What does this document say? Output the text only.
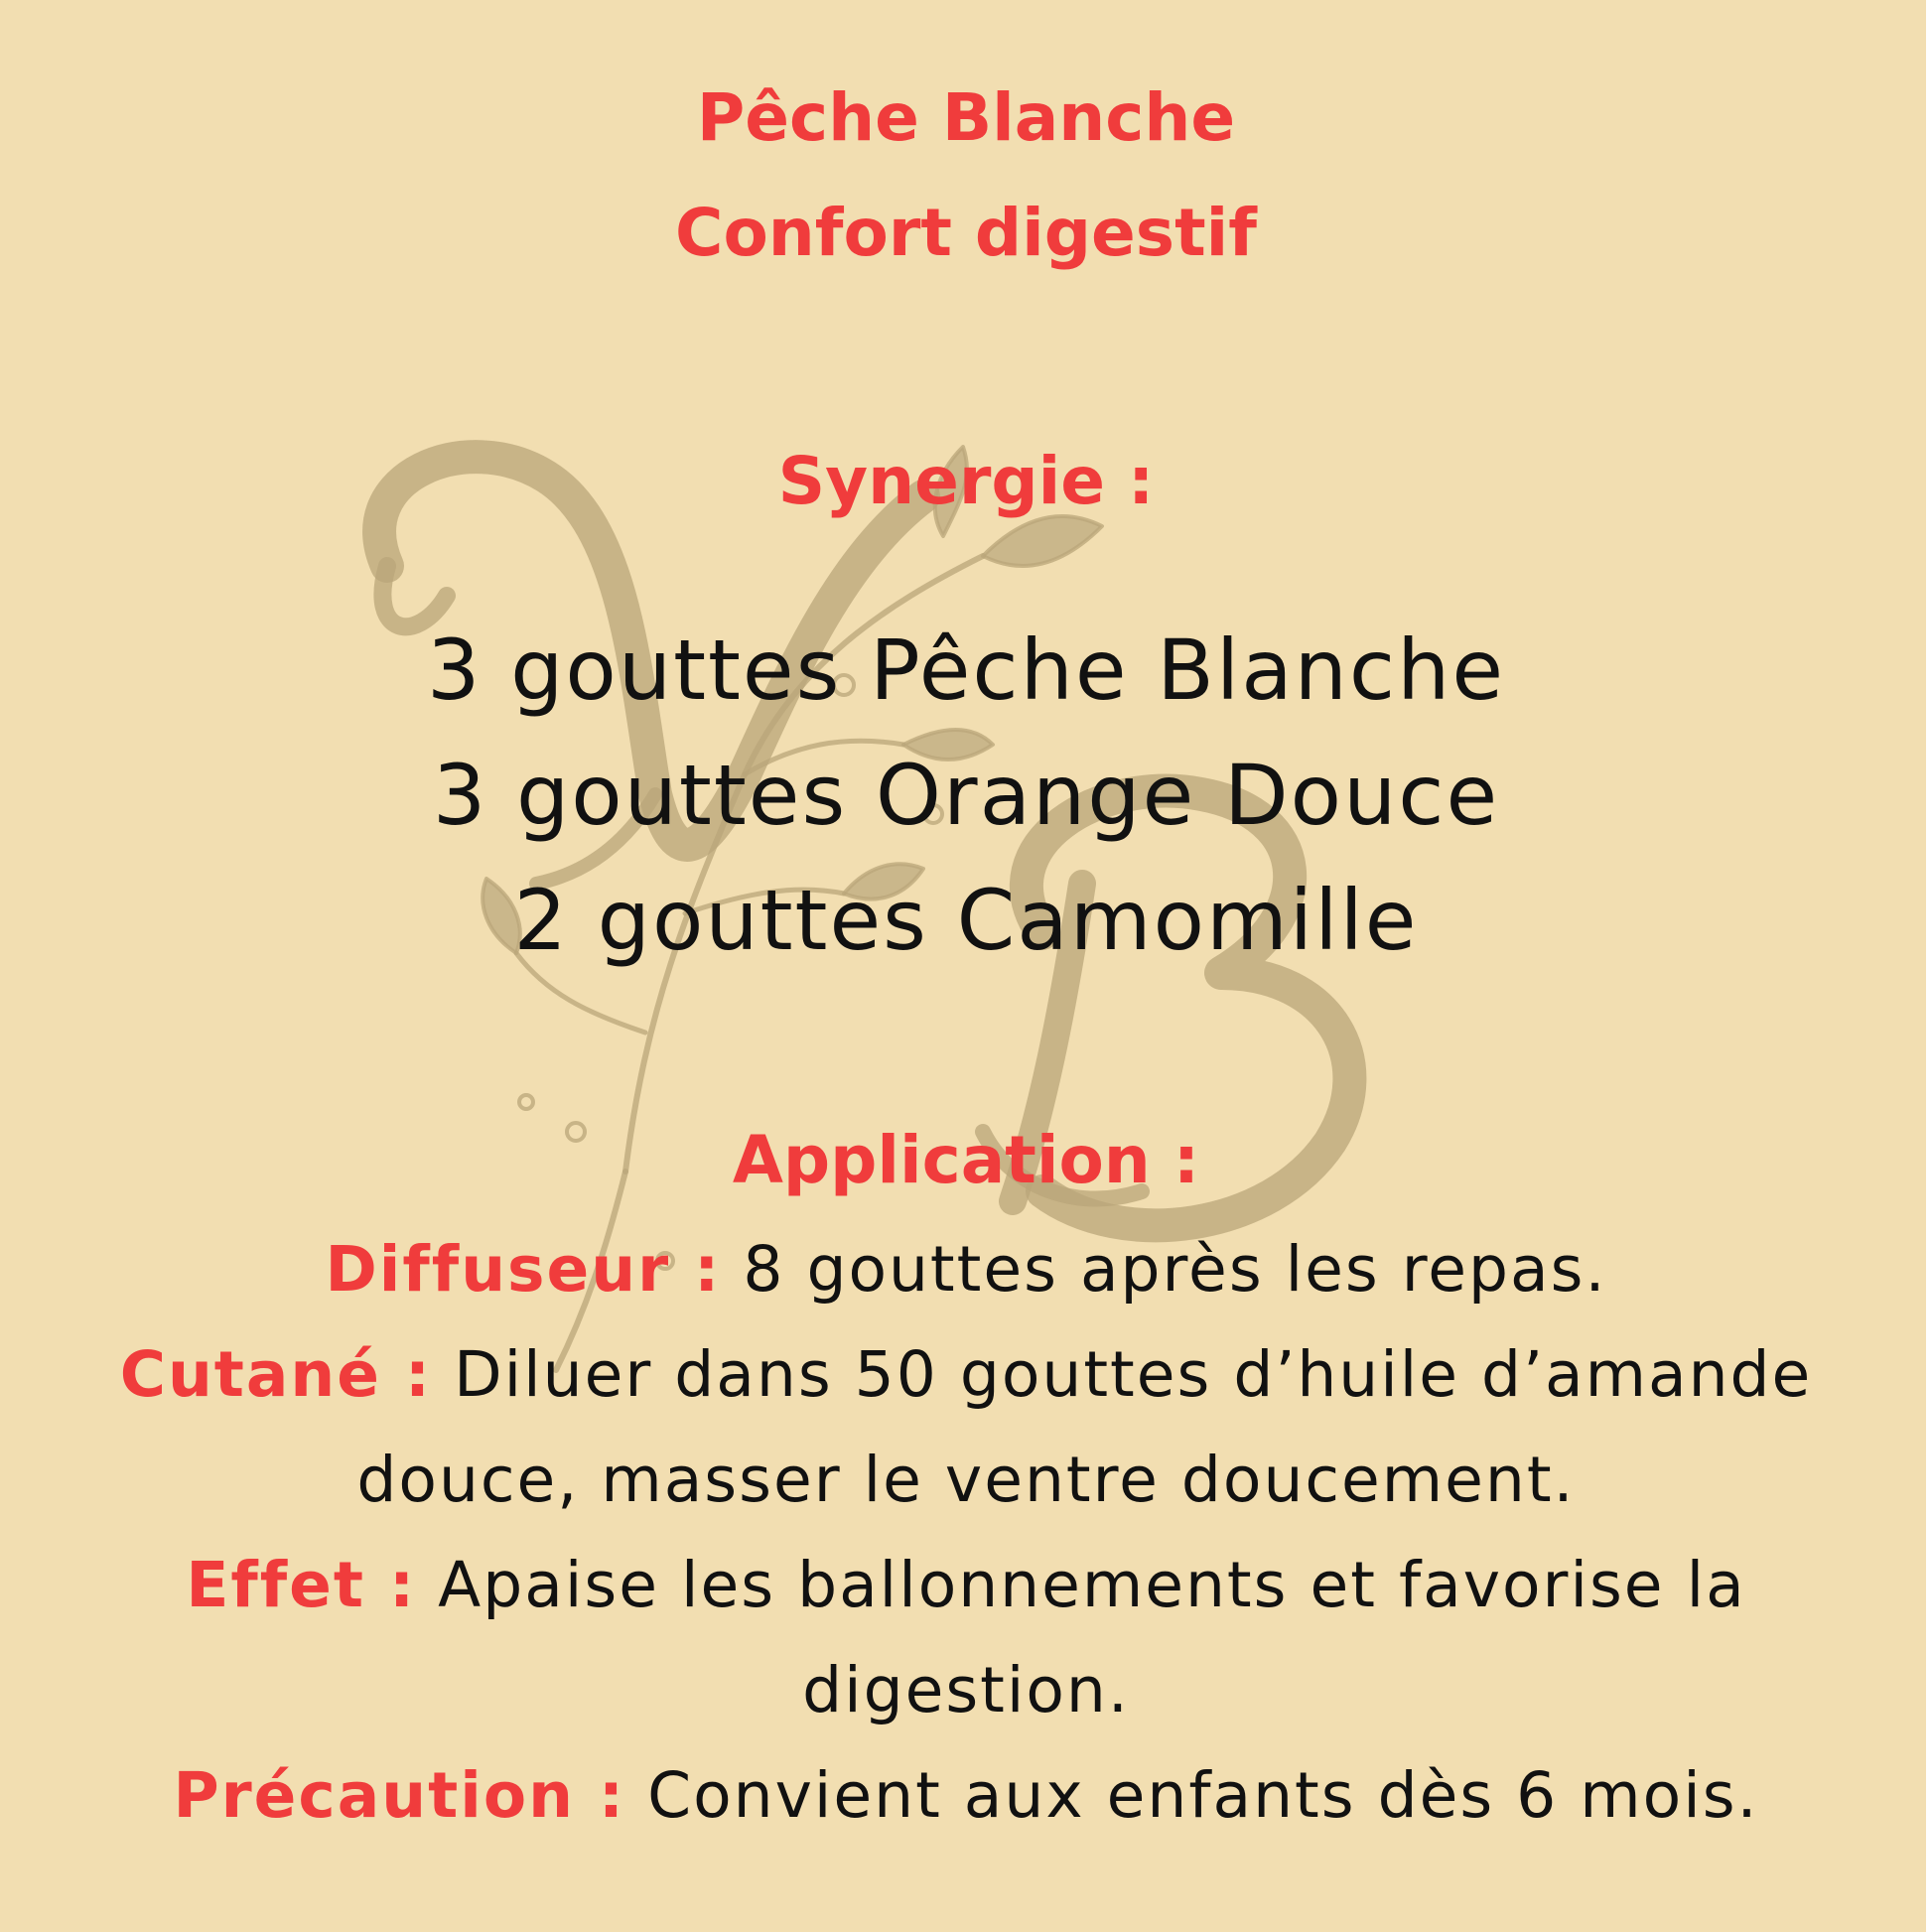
Pêche Blanche
Confort digestif
Synergie :
3 gouttes Pêche Blanche
3 gouttes Orange Douce
2 gouttes Camomille
Application :
Diffuseur : 8 gouttes après les repas.
Cutané : Diluer dans 50 gouttes d’huile d’amande
douce, masser le ventre doucement.
Effet : Apaise les ballonnements et favorise la
digestion.
Précaution : Convient aux enfants dès 6 mois.
